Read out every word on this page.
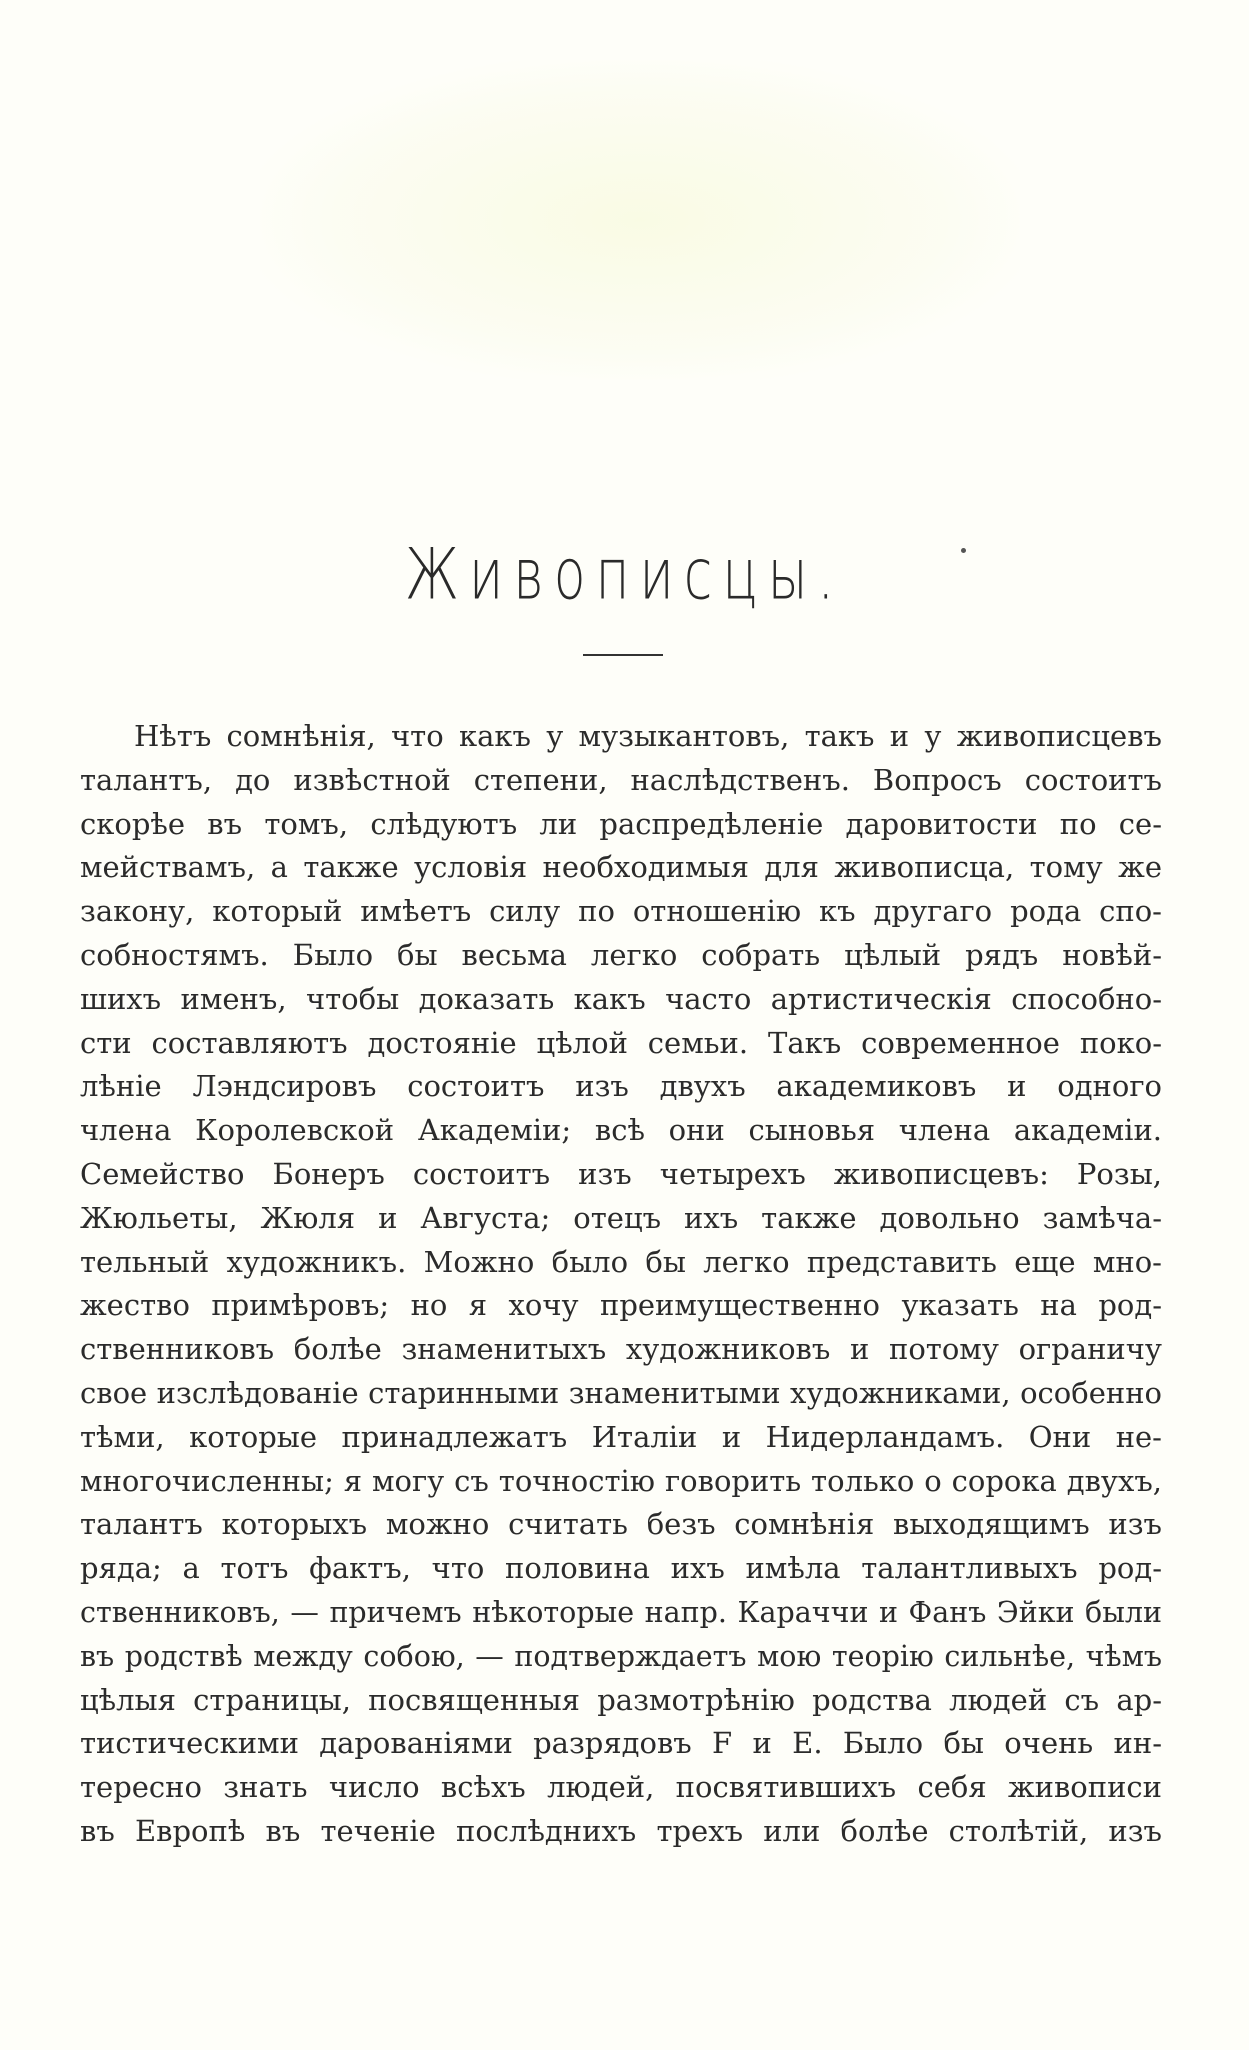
Живописцы.
Нѣтъ сомнѣнія, что какъ у музыкантовъ, такъ и у живописцевъ
талантъ, до извѣстной степени, наслѣдственъ. Вопросъ состоитъ
скорѣе въ томъ, слѣдуютъ ли распредѣленіе даровитости по се-
мействамъ, а также условія необходимыя для живописца, тому же
закону, который имѣетъ силу по отношенію къ другаго рода спо-
собностямъ. Было бы весьма легко собрать цѣлый рядъ новѣй-
шихъ именъ, чтобы доказать какъ часто артистическія способно-
сти составляютъ достояніе цѣлой семьи. Такъ современное поко-
лѣніе Лэндсировъ состоитъ изъ двухъ академиковъ и одного
члена Королевской Академіи; всѣ они сыновья члена академіи.
Семейство Бонеръ состоитъ изъ четырехъ живописцевъ: Розы,
Жюльеты, Жюля и Августа; отецъ ихъ также довольно замѣча-
тельный художникъ. Можно было бы легко представить еще мно-
жество примѣровъ; но я хочу преимущественно указать на род-
ственниковъ болѣе знаменитыхъ художниковъ и потому ограничу
свое изслѣдованіе старинными знаменитыми художниками, особенно
тѣми, которые принадлежатъ Италіи и Нидерландамъ. Они не-
многочисленны; я могу съ точностію говорить только о сорока двухъ,
талантъ которыхъ можно считать безъ сомнѣнія выходящимъ изъ
ряда; а тотъ фактъ, что половина ихъ имѣла талантливыхъ род-
ственниковъ, — причемъ нѣкоторые напр. Караччи и Фанъ Эйки были
въ родствѣ между собою, — подтверждаетъ мою теорію сильнѣе, чѣмъ
цѣлыя страницы, посвященныя размотрѣнію родства людей съ ар-
тистическими дарованіями разрядовъ F и E. Было бы очень ин-
тересно знать число всѣхъ людей, посвятившихъ себя живописи
въ Европѣ въ теченіе послѣднихъ трехъ или болѣе столѣтій, изъ
